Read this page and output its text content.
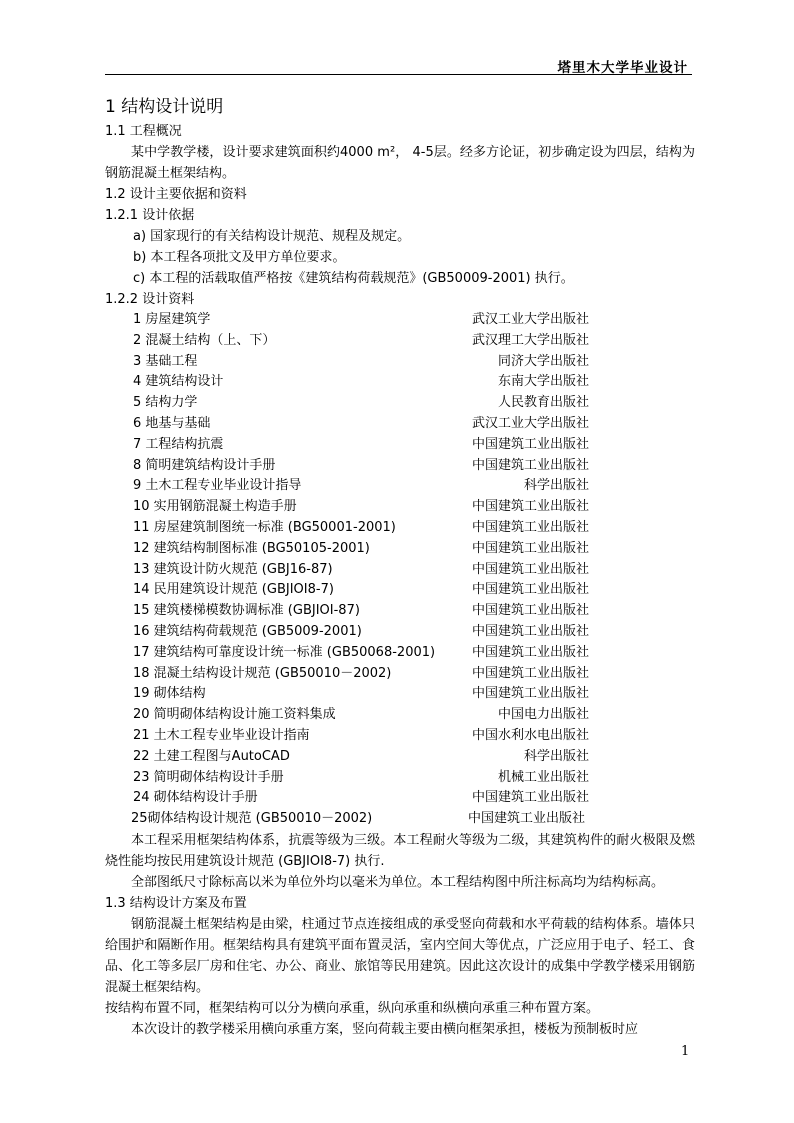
塔里木大学毕业设计
1 结构设计说明
1.1 工程概况
某中学教学楼，设计要求建筑面积约4000 m²， 4-5层。经多方论证，初步确定设为四层，结构为钢筋混凝土框架结构。
1.2 设计主要依据和资料
1.2.1 设计依据
a) 国家现行的有关结构设计规范、规程及规定。
b) 本工程各项批文及甲方单位要求。
c) 本工程的活载取值严格按《建筑结构荷载规范》(GB50009-2001) 执行。
1.2.2 设计资料
1 房屋建筑学	武汉工业大学出版社
2 混凝土结构（上、下）	武汉理工大学出版社
3 基础工程	同济大学出版社
4 建筑结构设计	东南大学出版社
5 结构力学	人民教育出版社
6 地基与基础	武汉工业大学出版社
7 工程结构抗震	中国建筑工业出版社
8 简明建筑结构设计手册	中国建筑工业出版社
9 土木工程专业毕业设计指导	科学出版社
10 实用钢筋混凝土构造手册	中国建筑工业出版社
11 房屋建筑制图统一标准 (BG50001-2001)	中国建筑工业出版社
12 建筑结构制图标准 (BG50105-2001)	中国建筑工业出版社
13 建筑设计防火规范 (GBJ16-87)	中国建筑工业出版社
14 民用建筑设计规范 (GBJIOI8-7)	中国建筑工业出版社
15 建筑楼梯模数协调标准 (GBJIOI-87)	中国建筑工业出版社
16 建筑结构荷载规范 (GB5009-2001)	中国建筑工业出版社
17 建筑结构可靠度设计统一标准 (GB50068-2001)	中国建筑工业出版社
18 混凝土结构设计规范 (GB50010－2002)	中国建筑工业出版社
19 砌体结构	中国建筑工业出版社
20 简明砌体结构设计施工资料集成	中国电力出版社
21 土木工程专业毕业设计指南	中国水利水电出版社
22 土建工程图与AutoCAD	科学出版社
23 简明砌体结构设计手册	机械工业出版社
24 砌体结构设计手册	中国建筑工业出版社
25砌体结构设计规范 (GB50010－2002)	中国建筑工业出版社
本工程采用框架结构体系，抗震等级为三级。本工程耐火等级为二级，其建筑构件的耐火极限及燃烧性能均按民用建筑设计规范 (GBJIOI8-7) 执行.
全部图纸尺寸除标高以米为单位外均以毫米为单位。本工程结构图中所注标高均为结构标高。
1.3 结构设计方案及布置
钢筋混凝土框架结构是由梁，柱通过节点连接组成的承受竖向荷载和水平荷载的结构体系。墙体只给围护和隔断作用。框架结构具有建筑平面布置灵活，室内空间大等优点，广泛应用于电子、轻工、食品、化工等多层厂房和住宅、办公、商业、旅馆等民用建筑。因此这次设计的成集中学教学楼采用钢筋混凝土框架结构。
按结构布置不同，框架结构可以分为横向承重，纵向承重和纵横向承重三种布置方案。
本次设计的教学楼采用横向承重方案，竖向荷载主要由横向框架承担，楼板为预制板时应
1
